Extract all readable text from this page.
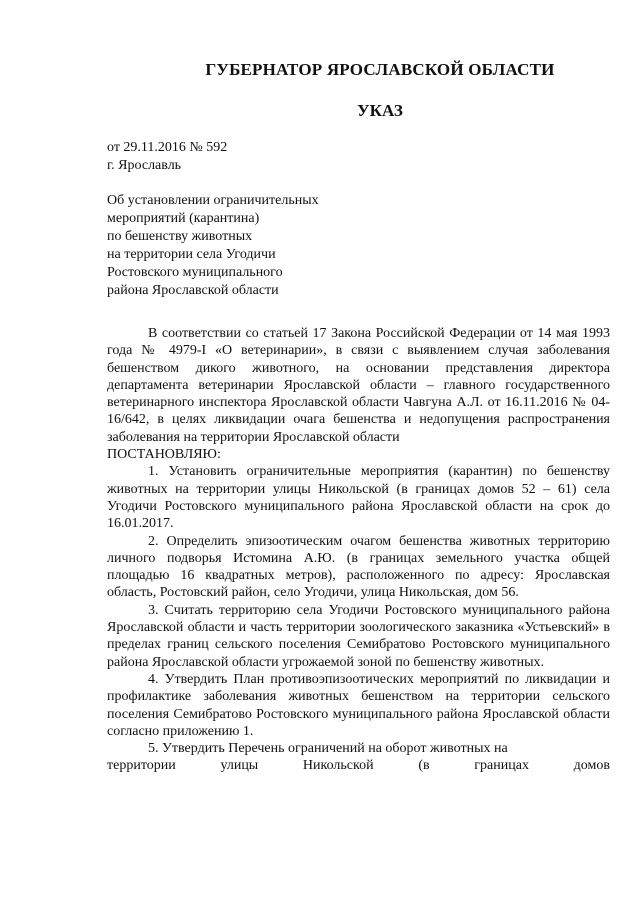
ГУБЕРНАТОР ЯРОСЛАВСКОЙ ОБЛАСТИ
УКАЗ
от 29.11.2016 № 592
г. Ярославль
Об установлении ограничительных
мероприятий (карантина)
по бешенству животных
на территории села Угодичи
Ростовского муниципального
района Ярославской области

В соответствии со статьей 17 Закона Российской Федерации от 14 мая 1993 года № 4979-I «О ветеринарии», в связи с выявлением случая заболевания бешенством дикого животного, на основании представления директора департамента ветеринарии Ярославской области – главного государственного ветеринарного инспектора Ярославской области Чавгуна А.Л. от 16.11.2016 № 04-16/642, в целях ликвидации очага бешенства и недопущения распространения заболевания на территории Ярославской области

ПОСТАНОВЛЯЮ:

1. Установить ограничительные мероприятия (карантин) по бешенству животных на территории улицы Никольской (в границах домов 52 – 61) села Угодичи Ростовского муниципального района Ярославской области на срок до 16.01.2017.

2. Определить эпизоотическим очагом бешенства животных территорию личного подворья Истомина А.Ю. (в границах земельного участка общей площадью 16 квадратных метров), расположенного по адресу: Ярославская область, Ростовский район, село Угодичи, улица Никольская, дом 56.

3. Считать территорию села Угодичи Ростовского муниципального района Ярославской области и часть территории зоологического заказника «Устьевский» в пределах границ сельского поселения Семибратово Ростовского муниципального района Ярославской области угрожаемой зоной по бешенству животных.

4. Утвердить План противоэпизоотических мероприятий по ликвидации и профилактике заболевания животных бешенством на территории сельского поселения Семибратово Ростовского муниципального района Ярославской области согласно приложению 1.

5. Утвердить Перечень ограничений на оборот животных на

территории	улицы	Никольской	(в	границах	домов
